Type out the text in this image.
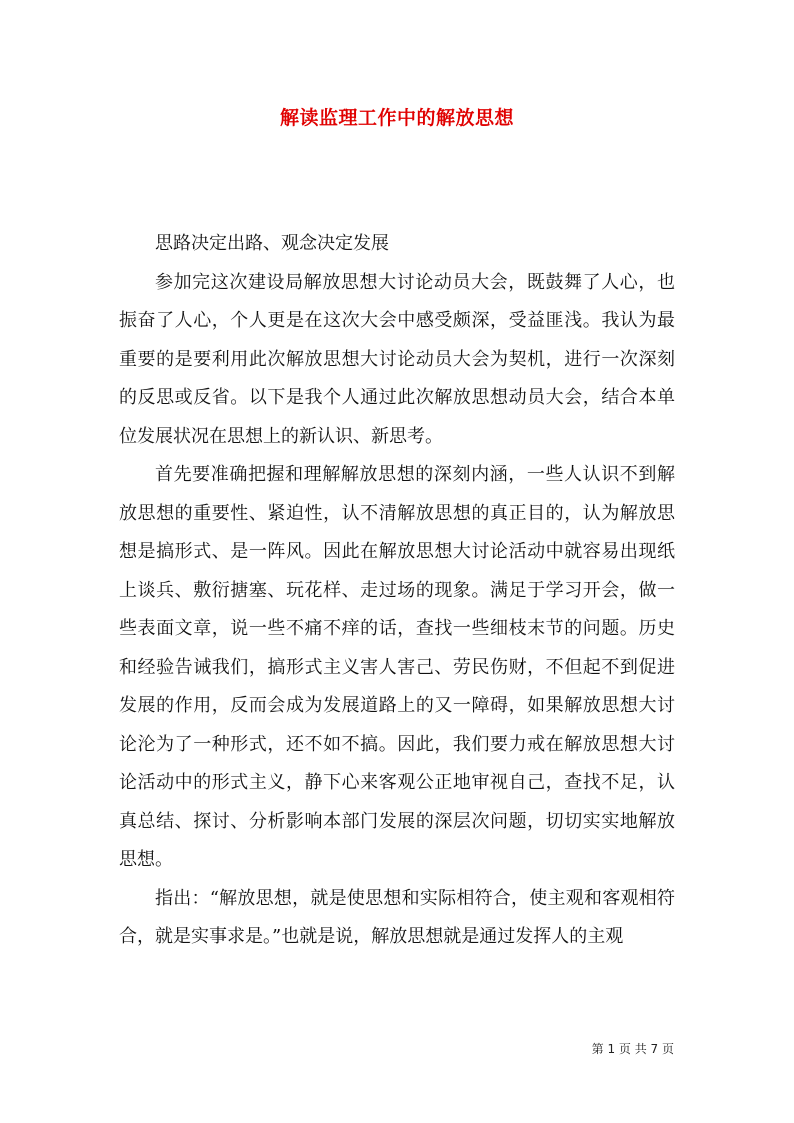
解读监理工作中的解放思想

思路决定出路、观念决定发展

参加完这次建设局解放思想大讨论动员大会，既鼓舞了人心，也振奋了人心，个人更是在这次大会中感受颇深，受益匪浅。我认为最重要的是要利用此次解放思想大讨论动员大会为契机，进行一次深刻的反思或反省。以下是我个人通过此次解放思想动员大会，结合本单位发展状况在思想上的新认识、新思考。

首先要准确把握和理解解放思想的深刻内涵，一些人认识不到解放思想的重要性、紧迫性，认不清解放思想的真正目的，认为解放思想是搞形式、是一阵风。因此在解放思想大讨论活动中就容易出现纸上谈兵、敷衍搪塞、玩花样、走过场的现象。满足于学习开会，做一些表面文章，说一些不痛不痒的话，查找一些细枝末节的问题。历史和经验告诫我们，搞形式主义害人害己、劳民伤财，不但起不到促进发展的作用，反而会成为发展道路上的又一障碍，如果解放思想大讨论沦为了一种形式，还不如不搞。因此，我们要力戒在解放思想大讨论活动中的形式主义，静下心来客观公正地审视自己，查找不足，认真总结、探讨、分析影响本部门发展的深层次问题，切切实实地解放思想。

指出：“解放思想，就是使思想和实际相符合，使主观和客观相符合，就是实事求是。”也就是说，解放思想就是通过发挥人的主观

第 1 页 共 7 页
